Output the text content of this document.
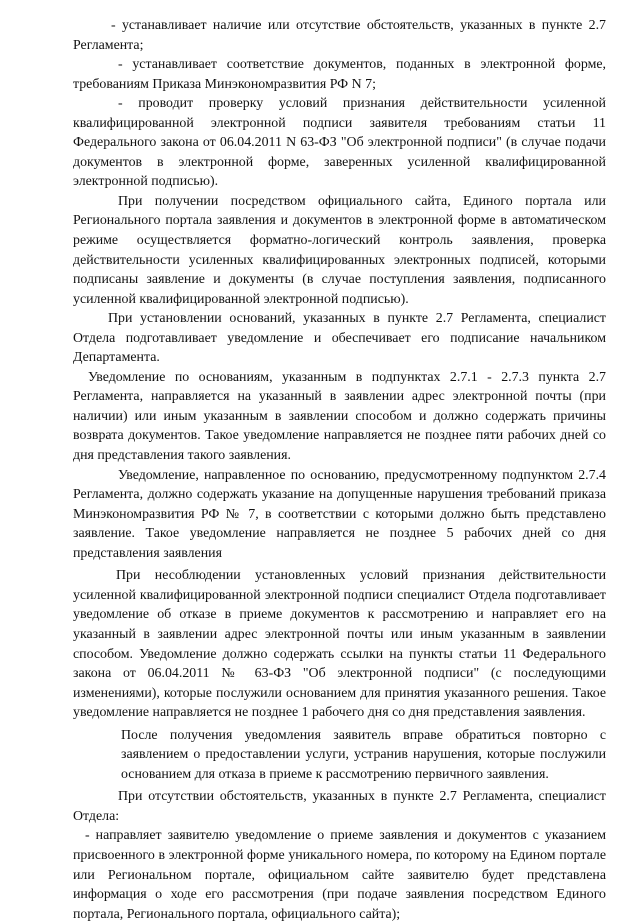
- устанавливает наличие или отсутствие обстоятельств, указанных в пункте 2.7 Регламента;

- устанавливает соответствие документов, поданных в электронной форме, требованиям Приказа Минэкономразвития РФ N 7;

- проводит проверку условий признания действительности усиленной квалифицированной электронной подписи заявителя требованиям статьи 11 Федерального закона от 06.04.2011 N 63-ФЗ "Об электронной подписи" (в случае подачи документов в электронной форме, заверенных усиленной квалифицированной электронной подписью).

При получении посредством официального сайта, Единого портала или Регионального портала заявления и документов в электронной форме в автоматическом режиме осуществляется форматно-логический контроль заявления, проверка действительности усиленных квалифицированных электронных подписей, которыми подписаны заявление и документы (в случае поступления заявления, подписанного усиленной квалифицированной электронной подписью).

При установлении оснований, указанных в пункте 2.7 Регламента, специалист Отдела подготавливает уведомление и обеспечивает его подписание начальником Департамента.

Уведомление по основаниям, указанным в подпунктах 2.7.1 - 2.7.3 пункта 2.7 Регламента, направляется на указанный в заявлении адрес электронной почты (при наличии) или иным указанным в заявлении способом и должно содержать причины возврата документов. Такое уведомление направляется не позднее пяти рабочих дней со дня представления такого заявления.

Уведомление, направленное по основанию, предусмотренному подпунктом 2.7.4 Регламента, должно содержать указание на допущенные нарушения требований приказа Минэкономразвития РФ № 7, в соответствии с которыми должно быть представлено заявление. Такое уведомление направляется не позднее 5 рабочих дней со дня представления заявления

При несоблюдении установленных условий признания действительности усиленной квалифицированной электронной подписи специалист Отдела подготавливает уведомление об отказе в приеме документов к рассмотрению и направляет его на указанный в заявлении адрес электронной почты или иным указанным в заявлении способом. Уведомление должно содержать ссылки на пункты статьи 11 Федерального закона от 06.04.2011 № 63-ФЗ "Об электронной подписи" (с последующими изменениями), которые послужили основанием для принятия указанного решения. Такое уведомление направляется не позднее 1 рабочего дня со дня представления заявления.

После получения уведомления заявитель вправе обратиться повторно с заявлением о предоставлении услуги, устранив нарушения, которые послужили основанием для отказа в приеме к рассмотрению первичного заявления.

При отсутствии обстоятельств, указанных в пункте 2.7 Регламента, специалист Отдела:

- направляет заявителю уведомление о приеме заявления и документов с указанием присвоенного в электронной форме уникального номера, по которому на Едином портале или Региональном портале, официальном сайте заявителю будет представлена информация о ходе его рассмотрения (при подаче заявления посредством Единого портала, Регионального портала, официального сайта);
